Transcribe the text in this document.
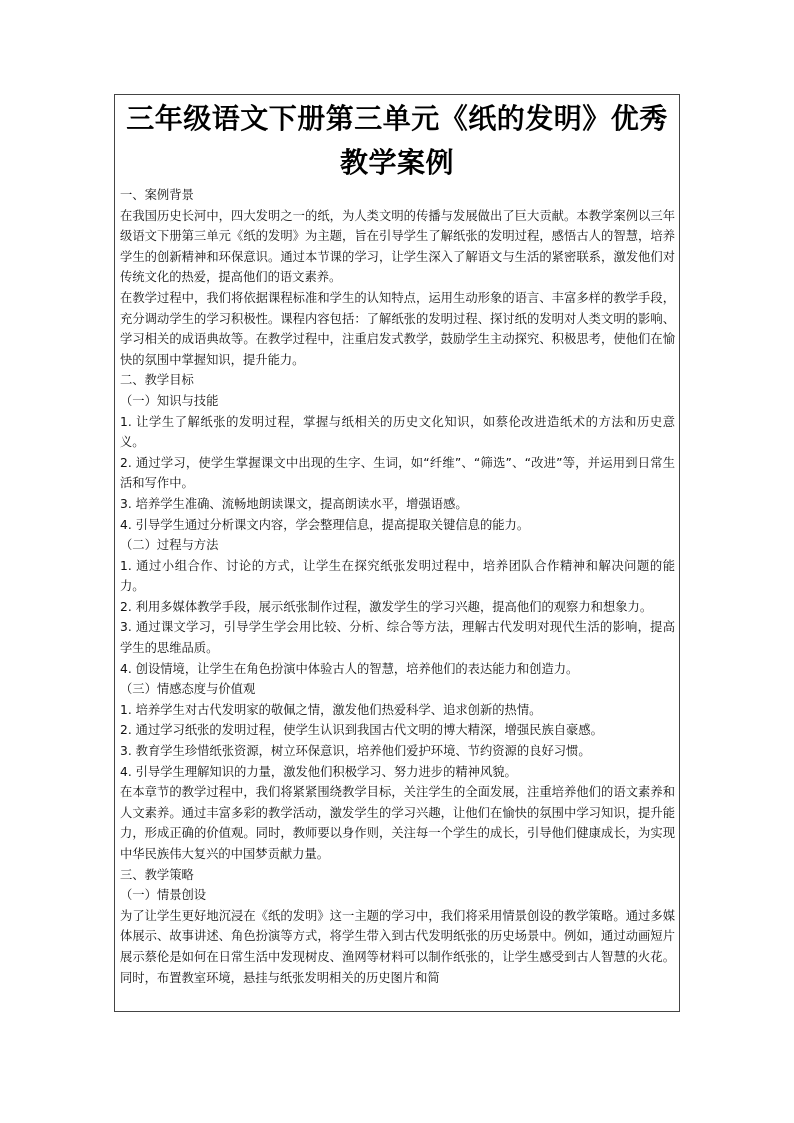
三年级语文下册第三单元《纸的发明》优秀教学案例

一、案例背景

在我国历史长河中，四大发明之一的纸，为人类文明的传播与发展做出了巨大贡献。本教学案例以三年级语文下册第三单元《纸的发明》为主题，旨在引导学生了解纸张的发明过程，感悟古人的智慧，培养学生的创新精神和环保意识。通过本节课的学习，让学生深入了解语文与生活的紧密联系，激发他们对传统文化的热爱，提高他们的语文素养。

在教学过程中，我们将依据课程标准和学生的认知特点，运用生动形象的语言、丰富多样的教学手段，充分调动学生的学习积极性。课程内容包括：了解纸张的发明过程、探讨纸的发明对人类文明的影响、学习相关的成语典故等。在教学过程中，注重启发式教学，鼓励学生主动探究、积极思考，使他们在愉快的氛围中掌握知识，提升能力。

二、教学目标

（一）知识与技能

1. 让学生了解纸张的发明过程，掌握与纸相关的历史文化知识，如蔡伦改进造纸术的方法和历史意义。

2. 通过学习，使学生掌握课文中出现的生字、生词，如“纤维”、“筛选”、“改进”等，并运用到日常生活和写作中。

3. 培养学生准确、流畅地朗读课文，提高朗读水平，增强语感。

4. 引导学生通过分析课文内容，学会整理信息，提高提取关键信息的能力。

（二）过程与方法

1. 通过小组合作、讨论的方式，让学生在探究纸张发明过程中，培养团队合作精神和解决问题的能力。

2. 利用多媒体教学手段，展示纸张制作过程，激发学生的学习兴趣，提高他们的观察力和想象力。

3. 通过课文学习，引导学生学会用比较、分析、综合等方法，理解古代发明对现代生活的影响，提高学生的思维品质。

4. 创设情境，让学生在角色扮演中体验古人的智慧，培养他们的表达能力和创造力。

（三）情感态度与价值观

1. 培养学生对古代发明家的敬佩之情，激发他们热爱科学、追求创新的热情。

2. 通过学习纸张的发明过程，使学生认识到我国古代文明的博大精深，增强民族自豪感。

3. 教育学生珍惜纸张资源，树立环保意识，培养他们爱护环境、节约资源的良好习惯。

4. 引导学生理解知识的力量，激发他们积极学习、努力进步的精神风貌。

在本章节的教学过程中，我们将紧紧围绕教学目标，关注学生的全面发展，注重培养他们的语文素养和人文素养。通过丰富多彩的教学活动，激发学生的学习兴趣，让他们在愉快的氛围中学习知识，提升能力，形成正确的价值观。同时，教师要以身作则，关注每一个学生的成长，引导他们健康成长，为实现中华民族伟大复兴的中国梦贡献力量。

三、教学策略

（一）情景创设

为了让学生更好地沉浸在《纸的发明》这一主题的学习中，我们将采用情景创设的教学策略。通过多媒体展示、故事讲述、角色扮演等方式，将学生带入到古代发明纸张的历史场景中。例如，通过动画短片展示蔡伦是如何在日常生活中发现树皮、渔网等材料可以制作纸张的，让学生感受到古人智慧的火花。同时，布置教室环境，悬挂与纸张发明相关的历史图片和简
